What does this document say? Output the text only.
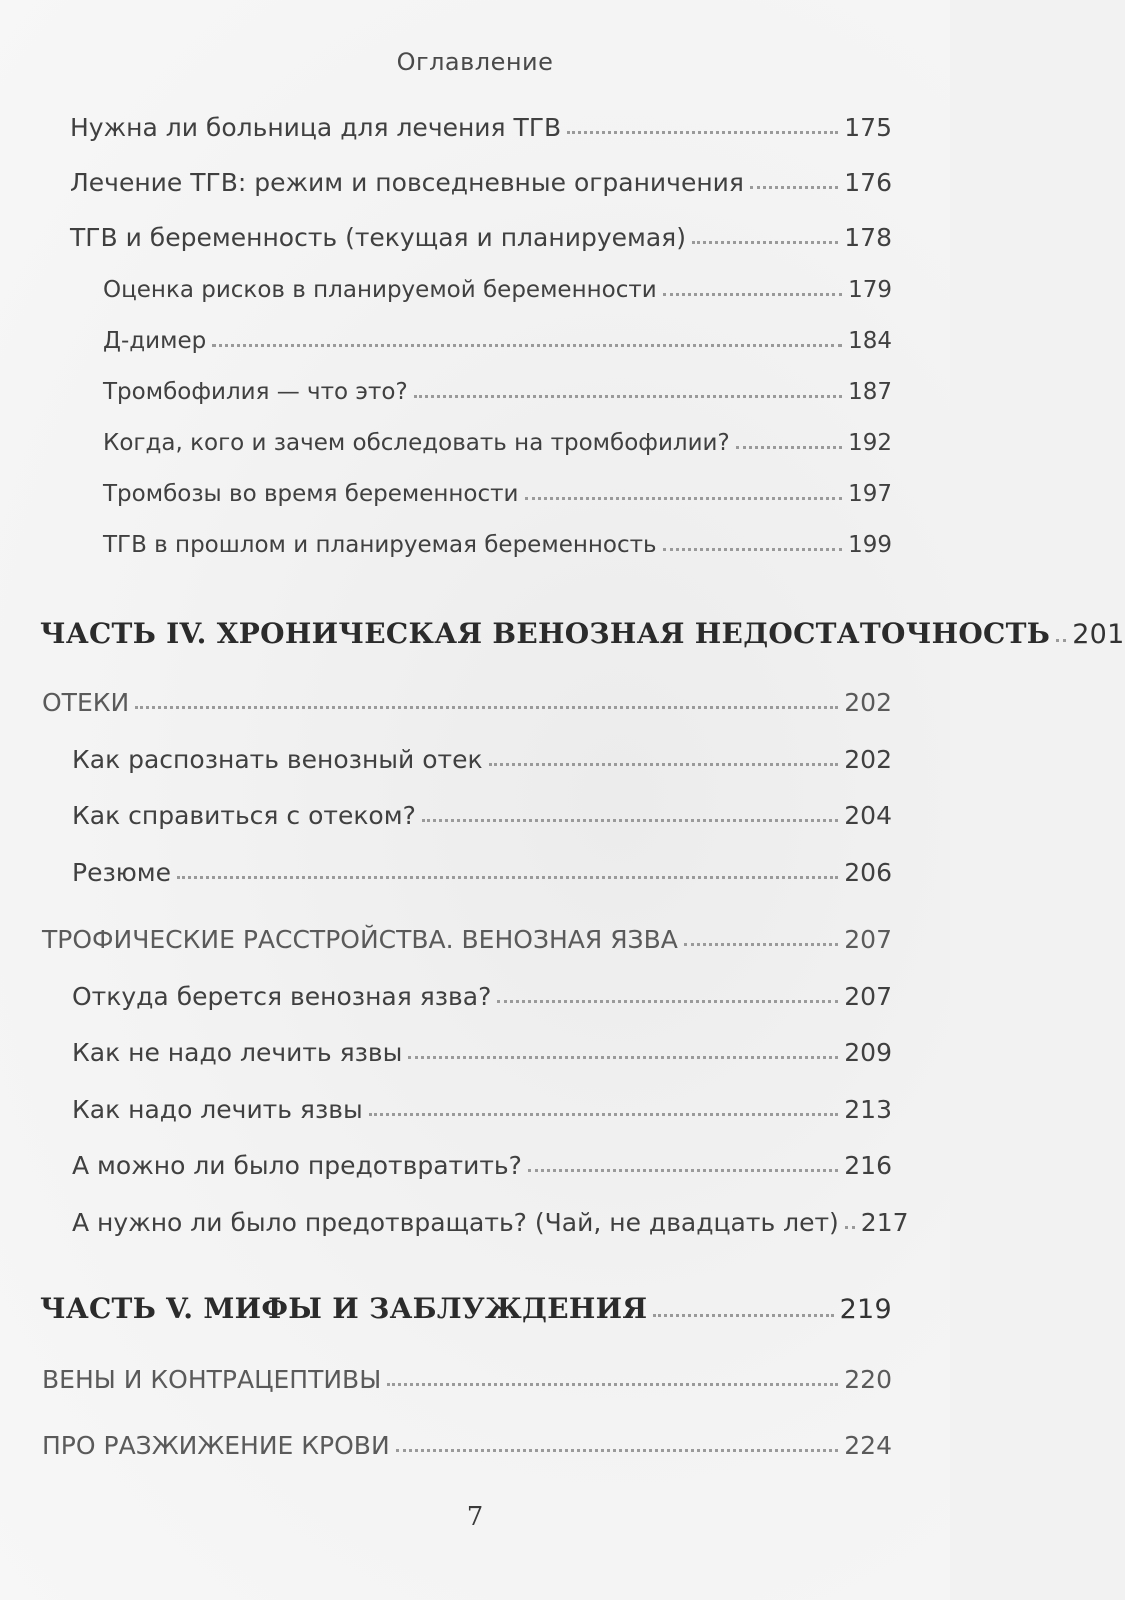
Оглавление
Нужна ли больница для лечения ТГВ	175
Лечение ТГВ: режим и повседневные ограничения	176
ТГВ и беременность (текущая и планируемая)	178
Оценка рисков в планируемой беременности	179
Д-димер	184
Тромбофилия — что это?	187
Когда, кого и зачем обследовать на тромбофилии?	192
Тромбозы во время беременности	197
ТГВ в прошлом и планируемая беременность	199
ЧАСТЬ IV. ХРОНИЧЕСКАЯ ВЕНОЗНАЯ НЕДОСТАТОЧНОСТЬ 201
ОТЕКИ	202
Как распознать венозный отек	202
Как справиться с отеком?	204
Резюме	206
ТРОФИЧЕСКИЕ РАССТРОЙСТВА. ВЕНОЗНАЯ ЯЗВА	207
Откуда берется венозная язва?	207
Как не надо лечить язвы	209
Как надо лечить язвы	213
А можно ли было предотвратить?	216
А нужно ли было предотвращать? (Чай, не двадцать лет) 217
ЧАСТЬ V. МИФЫ И ЗАБЛУЖДЕНИЯ	219
ВЕНЫ И КОНТРАЦЕПТИВЫ	220
ПРО РАЗЖИЖЕНИЕ КРОВИ	224
7
